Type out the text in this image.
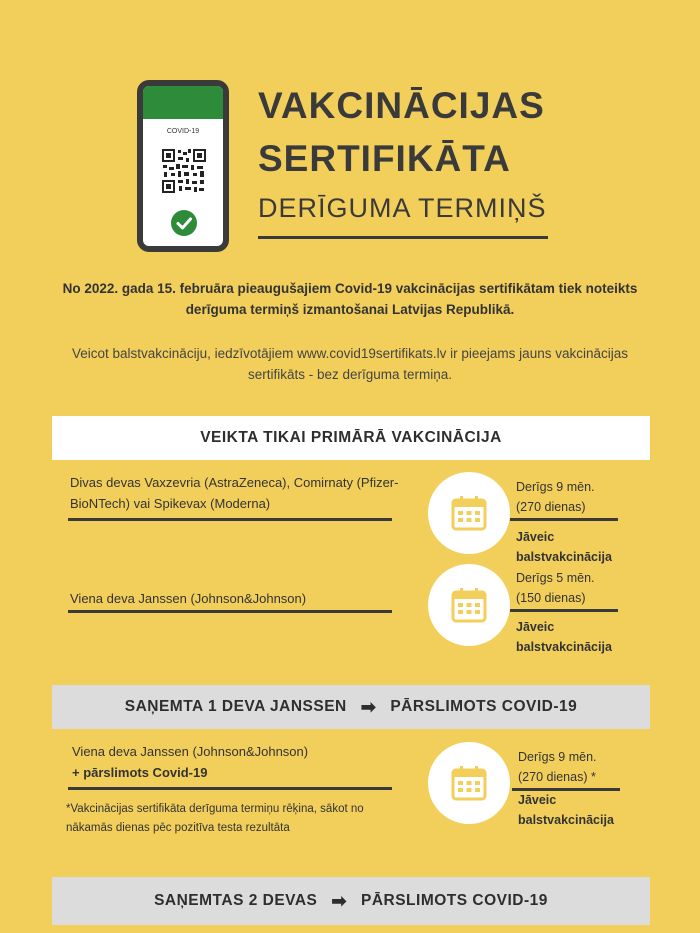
COVID-19
VAKCINĀCIJAS
SERTIFIKĀTA
DERĪGUMA TERMIŅŠ
No 2022. gada 15. februāra pieaugušajiem Covid-19 vakcinācijas sertifikātam tiek noteikts derīguma termiņš izmantošanai Latvijas Republikā.
Veicot balstvakcināciju, iedzīvotājiem www.covid19sertifikats.lv ir pieejams jauns vakcinācijas sertifikāts - bez derīguma termiņa.
VEIKTA TIKAI PRIMĀRĀ VAKCINĀCIJA
Divas devas Vaxzevria (AstraZeneca), Comirnaty (Pfizer-BioNTech) vai Spikevax (Moderna)
Derīgs 9 mēn.
(270 dienas)
Jāveic balstvakcinācija
Viena deva Janssen (Johnson&Johnson)
Derīgs 5 mēn.
(150 dienas)
Jāveic balstvakcinācija
SAŅEMTA 1 DEVA JANSSEN ➡ PĀRSLIMOTS COVID-19
Viena deva Janssen (Johnson&Johnson)
+ pārslimots Covid-19
*Vakcinācijas sertifikāta derīguma termiņu rēķina, sākot no nākamās dienas pēc pozitīva testa rezultāta
Derīgs 9 mēn.
(270 dienas) *
Jāveic balstvakcinācija
SAŅEMTAS 2 DEVAS ➡ PĀRSLIMOTS COVID-19
